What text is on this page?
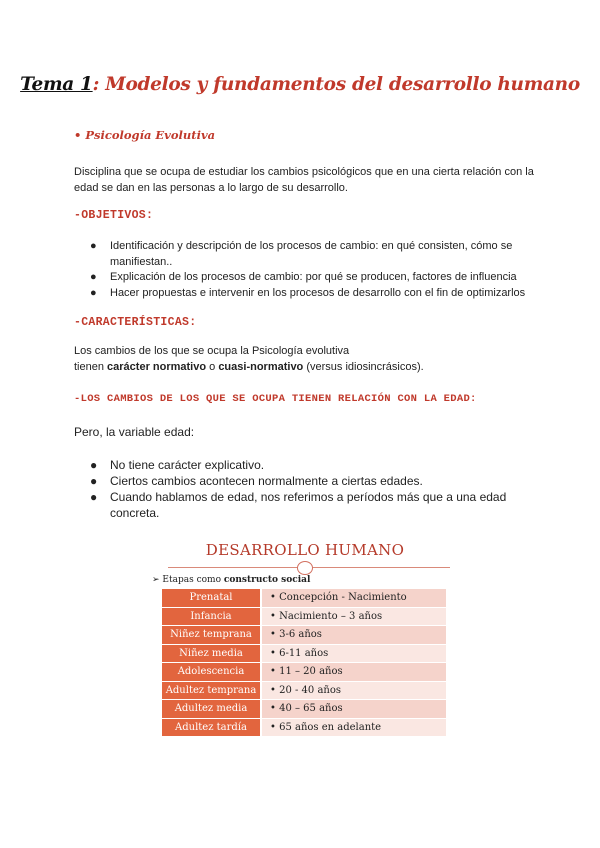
Tema 1: Modelos y fundamentos del desarrollo humano
• Psicología Evolutiva
Disciplina que se ocupa de estudiar los cambios psicológicos que en una cierta relación con la edad se dan en las personas a lo largo de su desarrollo.
-OBJETIVOS:
● Identificación y descripción de los procesos de cambio: en qué consisten, cómo se manifiestan..
● Explicación de los procesos de cambio: por qué se producen, factores de influencia
● Hacer propuestas e intervenir en los procesos de desarrollo con el fin de optimizarlos
-CARACTERÍSTICAS:
Los cambios de los que se ocupa la Psicología evolutiva
tienen carácter normativo o cuasi-normativo (versus idiosincrásicos).
-LOS CAMBIOS DE LOS QUE SE OCUPA TIENEN RELACIÓN CON LA EDAD:
Pero, la variable edad:
● No tiene carácter explicativo.
● Ciertos cambios acontecen normalmente a ciertas edades.
● Cuando hablamos de edad, nos referimos a períodos más que a una edad concreta.
DESARROLLO HUMANO
➢ Etapas como constructo social
Prenatal	• Concepción - Nacimiento
Infancia	• Nacimiento – 3 años
Niñez temprana	• 3-6 años
Niñez media	• 6-11 años
Adolescencia	• 11 – 20 años
Adultez temprana	• 20 - 40 años
Adultez media	• 40 – 65 años
Adultez tardía	• 65 años en adelante
